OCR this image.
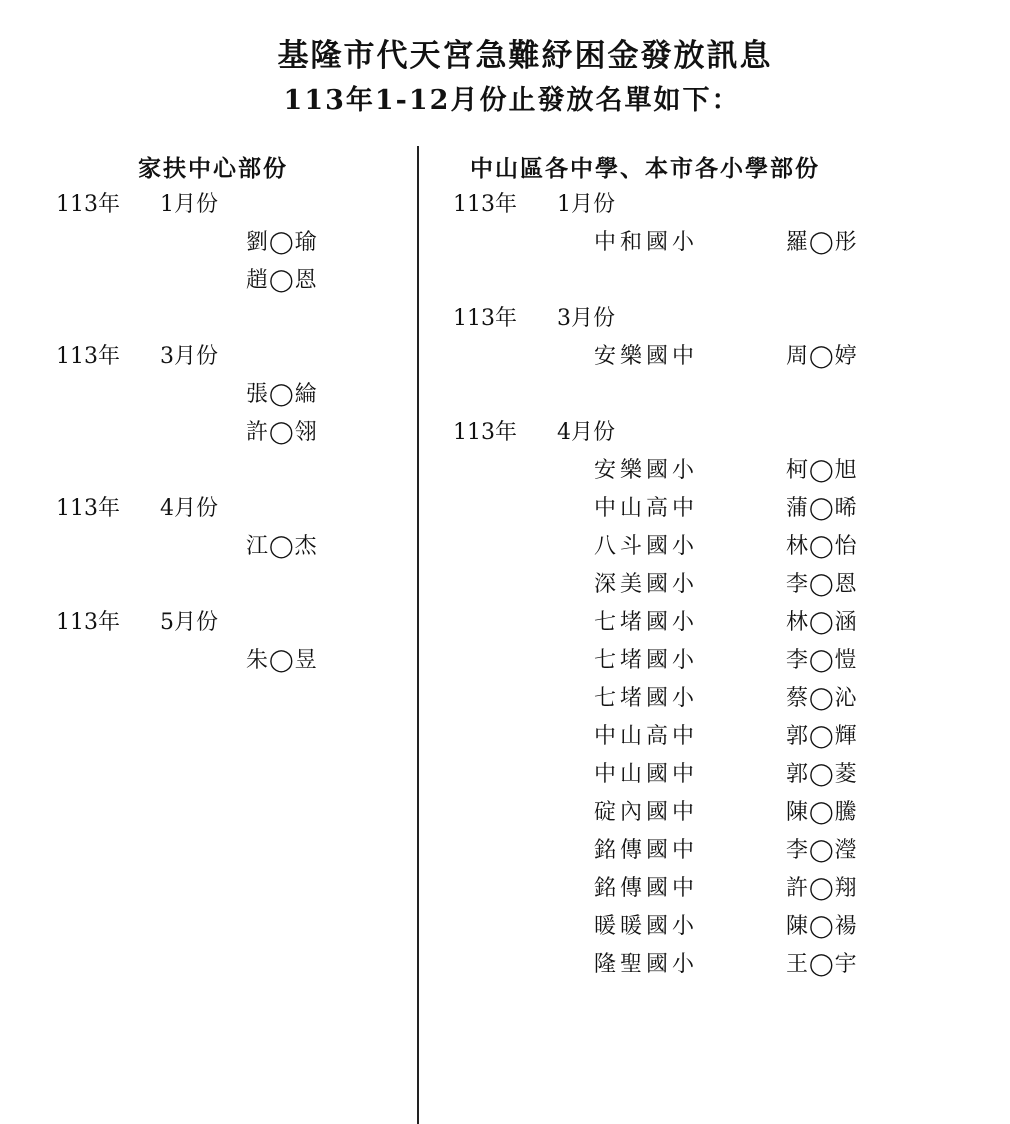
基隆市代天宮急難紓困金發放訊息
113年1-12月份止發放名單如下：
家扶中心部份	中山區各中學、本市各小學部份
113年 1月份
劉◯瑜
趙◯恩
113年 3月份
張◯綸
許◯翎
113年 4月份
江◯杰
113年 5月份
朱◯昱
113年 1月份
中和國小	羅◯彤
113年 3月份
安樂國中	周◯婷
113年 4月份
安樂國小	柯◯旭
中山高中	蒲◯晞
八斗國小	林◯怡
深美國小	李◯恩
七堵國小	林◯涵
七堵國小	李◯愷
七堵國小	蔡◯沁
中山高中	郭◯輝
中山國中	郭◯菱
碇內國中	陳◯騰
銘傳國中	李◯瀅
銘傳國中	許◯翔
暖暖國小	陳◯禓
隆聖國小	王◯宇
